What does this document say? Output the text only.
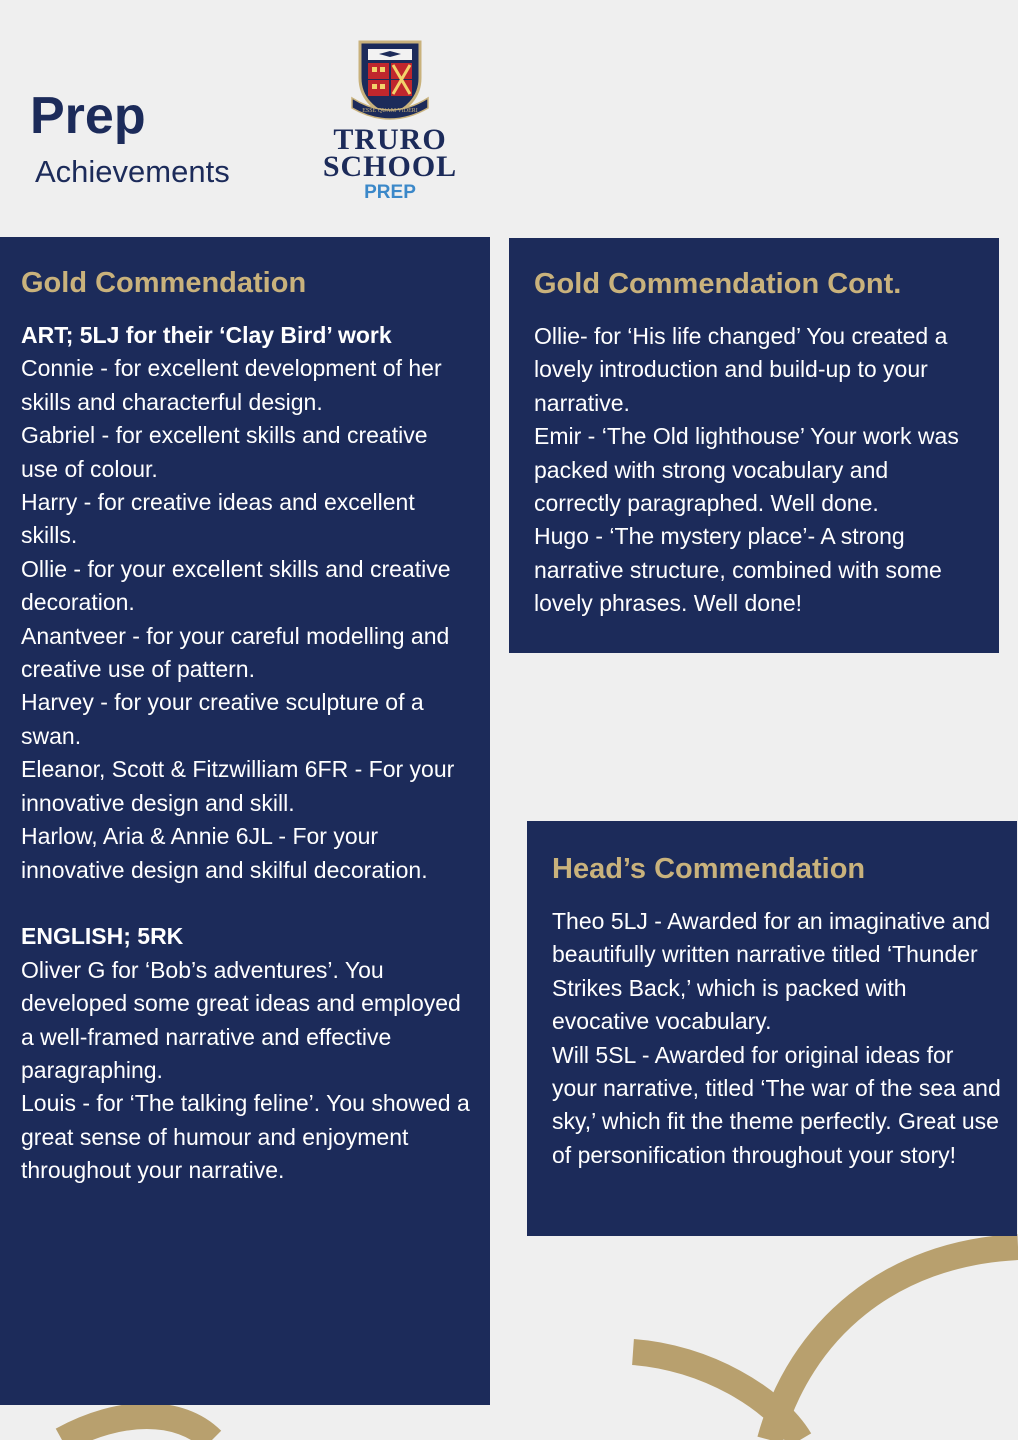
Prep
Achievements
ESSE QUAM VIDERI
TRURO
SCHOOL
PREP
Gold Commendation

ART; 5LJ for their ‘Clay Bird’ work

Connie - for excellent development of her skills and characterful design.

Gabriel - for excellent skills and creative use of colour.

Harry - for creative ideas and excellent skills.

Ollie - for your excellent skills and creative decoration.

Anantveer - for your careful modelling and creative use of pattern.

Harvey - for your creative sculpture of a swan.

Eleanor, Scott & Fitzwilliam 6FR - For your innovative design and skill.

Harlow, Aria & Annie 6JL - For your innovative design and skilful decoration.

ENGLISH; 5RK

Oliver G for ‘Bob’s adventures’. You developed some great ideas and employed a well-framed narrative and effective paragraphing.

Louis - for ‘The talking feline’. You showed a great sense of humour and enjoyment throughout your narrative.

Gold Commendation Cont.

Ollie- for ‘His life changed’ You created a lovely introduction and build-up to your narrative.

Emir - ‘The Old lighthouse’ Your work was packed with strong vocabulary and correctly paragraphed. Well done.

Hugo - ‘The mystery place’- A strong narrative structure, combined with some lovely phrases. Well done!

Head’s Commendation

Theo 5LJ - Awarded for an imaginative and beautifully written narrative titled ‘Thunder Strikes Back,’ which is packed with evocative vocabulary.

Will 5SL - Awarded for original ideas for your narrative, titled ‘The war of the sea and sky,’ which fit the theme perfectly. Great use of personification throughout your story!
